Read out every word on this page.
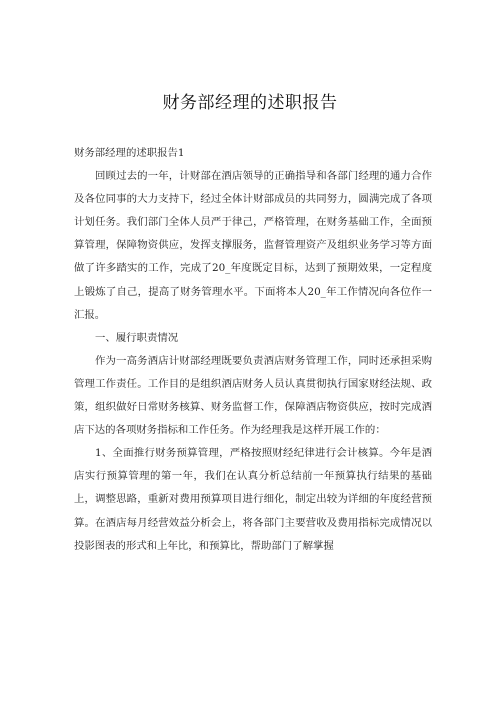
财务部经理的述职报告

财务部经理的述职报告1

回顾过去的一年，计财部在酒店领导的正确指导和各部门经理的通力合作及各位同事的大力支持下，经过全体计财部成员的共同努力，圆满完成了各项计划任务。我们部门全体人员严于律己，严格管理，在财务基础工作，全面预算管理，保障物资供应，发挥支撑服务，监督管理资产及组织业务学习等方面做了许多踏实的工作，完成了20_年度既定目标，达到了预期效果，一定程度上锻炼了自己，提高了财务管理水平。下面将本人20_年工作情况向各位作一汇报。

一、履行职责情况

作为一高务酒店计财部经理既要负责酒店财务管理工作，同时还承担采购管理工作责任。工作目的是组织酒店财务人员认真贯彻执行国家财经法规、政策，组织做好日常财务核算、财务监督工作，保障酒店物资供应，按时完成酒店下达的各项财务指标和工作任务。作为经理我是这样开展工作的：

1、全面推行财务预算管理，严格按照财经纪律进行会计核算。今年是酒店实行预算管理的第一年，我们在认真分析总结前一年预算执行结果的基础上，调整思路，重新对费用预算项目进行细化，制定出较为详细的年度经营预算。在酒店每月经营效益分析会上，将各部门主要营收及费用指标完成情况以投影图表的形式和上年比，和预算比，帮助部门了解掌握
